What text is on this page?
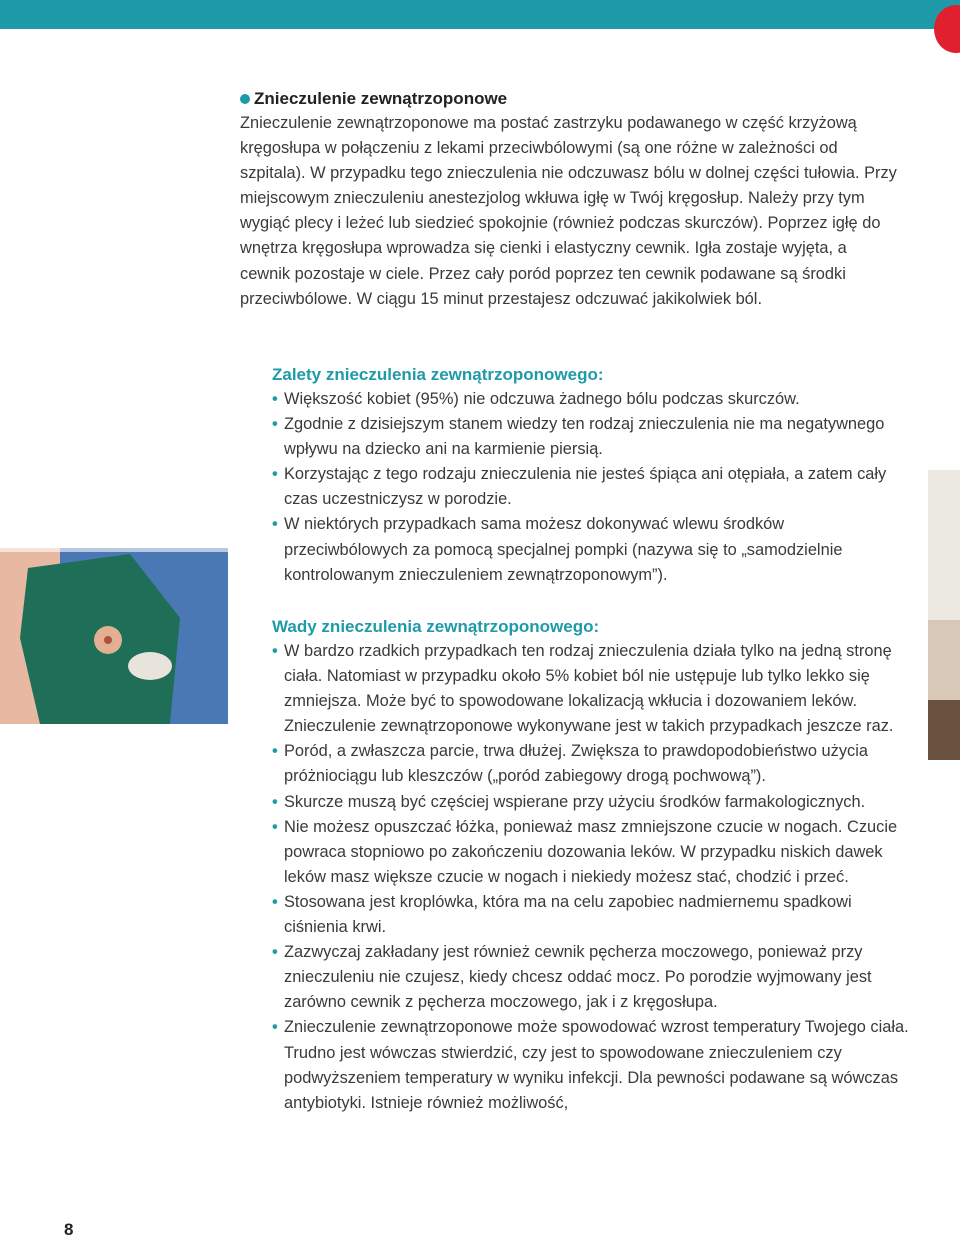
Znieczulenie zewnątrzoponowe

Znieczulenie zewnątrzoponowe ma postać zastrzyku podawanego w część krzyżową kręgosłupa w połączeniu z lekami przeciwbólowymi (są one różne w zależności od szpitala). W przypadku tego znieczulenia nie odczuwasz bólu w dolnej części tułowia. Przy miejscowym znieczuleniu anestezjolog wkłuwa igłę w Twój kręgosłup. Należy przy tym wygiąć plecy i leżeć lub siedzieć spokojnie (również podczas skurczów). Poprzez igłę do wnętrza kręgosłupa wprowadza się cienki i elastyczny cewnik. Igła zostaje wyjęta, a cewnik pozostaje w ciele. Przez cały poród poprzez ten cewnik podawane są środki przeciwbólowe. W ciągu 15 minut przestajesz odczuwać jakikolwiek ból.

Zalety znieczulenia zewnątrzoponowego:

• Większość kobiet (95%) nie odczuwa żadnego bólu podczas skurczów.
• Zgodnie z dzisiejszym stanem wiedzy ten rodzaj znieczulenia nie ma negatywnego wpływu na dziecko ani na karmienie piersią.
• Korzystając z tego rodzaju znieczulenia nie jesteś śpiąca ani otępiała, a zatem cały czas uczestniczysz w porodzie.
• W niektórych przypadkach sama możesz dokonywać wlewu środków przeciwbólowych za pomocą specjalnej pompki (nazywa się to „samodzielnie kontrolowanym znieczuleniem zewnątrzoponowym”).

Wady znieczulenia zewnątrzoponowego:

• W bardzo rzadkich przypadkach ten rodzaj znieczulenia działa tylko na jedną stronę ciała. Natomiast w przypadku około 5% kobiet ból nie ustępuje lub tylko lekko się zmniejsza. Może być to spowodowane lokalizacją wkłucia i dozowaniem leków. Znieczulenie zewnątrzoponowe wykonywane jest w takich przypadkach jeszcze raz.
• Poród, a zwłaszcza parcie, trwa dłużej. Zwiększa to prawdopodobieństwo użycia próżniociągu lub kleszczów („poród zabiegowy drogą pochwową”).
• Skurcze muszą być częściej wspierane przy użyciu środków farmakologicznych.
• Nie możesz opuszczać łóżka, ponieważ masz zmniejszone czucie w nogach. Czucie powraca stopniowo po zakończeniu dozowania leków. W przypadku niskich dawek leków masz większe czucie w nogach i niekiedy możesz stać, chodzić i przeć.
• Stosowana jest kroplówka, która ma na celu zapobiec nadmiernemu spadkowi ciśnienia krwi.
• Zazwyczaj zakładany jest również cewnik pęcherza moczowego, ponieważ przy znieczuleniu nie czujesz, kiedy chcesz oddać mocz. Po porodzie wyjmowany jest zarówno cewnik z pęcherza moczowego, jak i z kręgosłupa.
• Znieczulenie zewnątrzoponowe może spowodować wzrost temperatury Twojego ciała. Trudno jest wówczas stwierdzić, czy jest to spowodowane znieczuleniem czy podwyższeniem temperatury w wyniku infekcji. Dla pewności podawane są wówczas antybiotyki. Istnieje również możliwość,
8
